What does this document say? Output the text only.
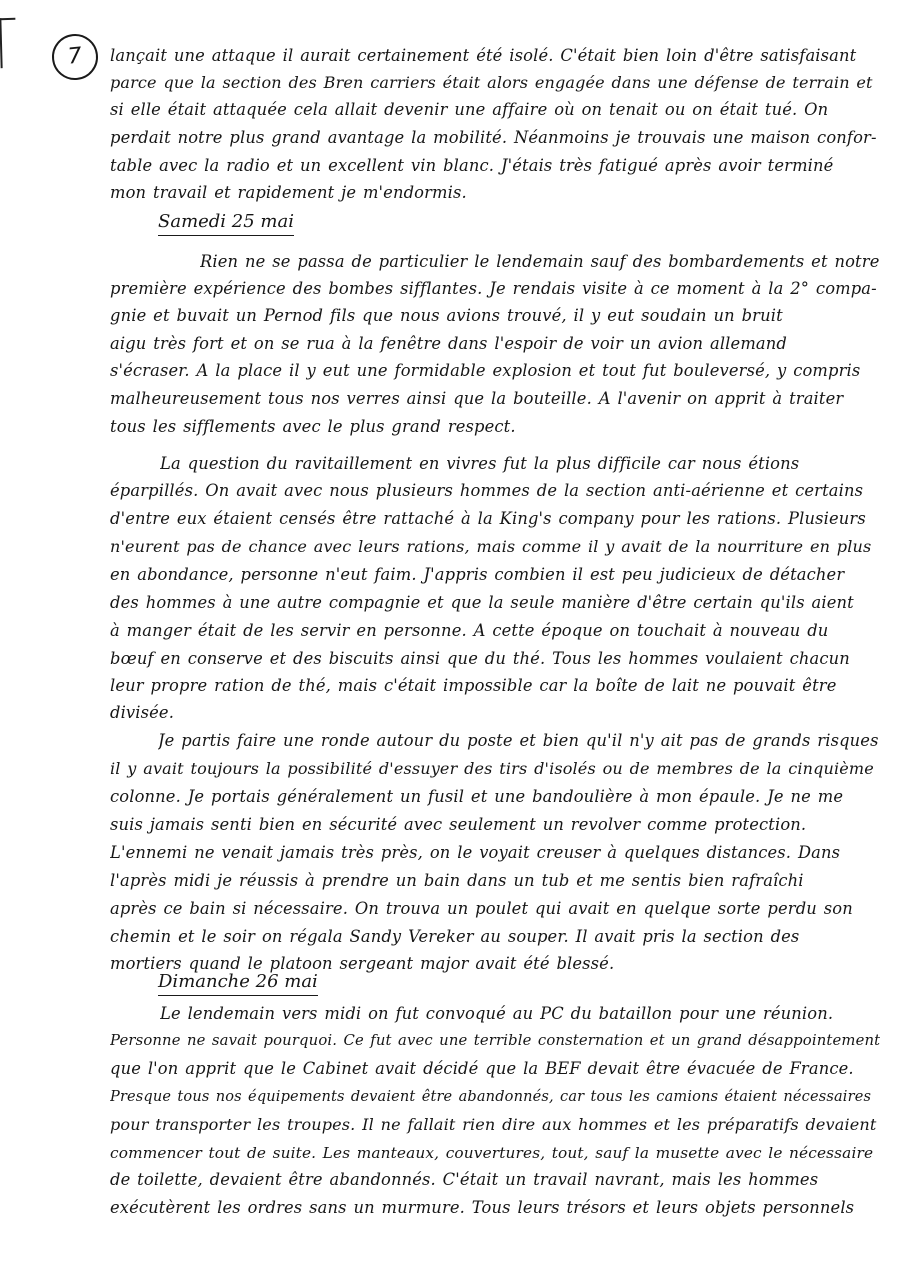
7	lançait une attaque il aurait certainement été isolé. C'était bien loin d'être satisfaisant
parce que la section des Bren carriers était alors engagée dans une défense de terrain et
si elle était attaquée cela allait devenir une affaire où on tenait ou on était tué. On
perdait notre plus grand avantage la mobilité. Néanmoins je trouvais une maison confor-
table avec la radio et un excellent vin blanc. J'étais très fatigué après avoir terminé
mon travail et rapidement je m'endormis.
Samedi 25 mai
Rien ne se passa de particulier le lendemain sauf des bombardements et notre
première expérience des bombes sifflantes. Je rendais visite à ce moment à la 2° compa-
gnie et buvait un Pernod fils que nous avions trouvé, il y eut soudain un bruit
aigu très fort et on se rua à la fenêtre dans l'espoir de voir un avion allemand
s'écraser. A la place il y eut une formidable explosion et tout fut bouleversé, y compris
malheureusement tous nos verres ainsi que la bouteille. A l'avenir on apprit à traiter
tous les sifflements avec le plus grand respect.
La question du ravitaillement en vivres fut la plus difficile car nous étions
éparpillés. On avait avec nous plusieurs hommes de la section anti-aérienne et certains
d'entre eux étaient censés être rattaché à la King's company pour les rations. Plusieurs
n'eurent pas de chance avec leurs rations, mais comme il y avait de la nourriture en plus
en abondance, personne n'eut faim. J'appris combien il est peu judicieux de détacher
des hommes à une autre compagnie et que la seule manière d'être certain qu'ils aient
à manger était de les servir en personne. A cette époque on touchait à nouveau du
bœuf en conserve et des biscuits ainsi que du thé. Tous les hommes voulaient chacun
leur propre ration de thé, mais c'était impossible car la boîte de lait ne pouvait être
divisée.
Je partis faire une ronde autour du poste et bien qu'il n'y ait pas de grands risques
il y avait toujours la possibilité d'essuyer des tirs d'isolés ou de membres de la cinquième
colonne. Je portais généralement un fusil et une bandoulière à mon épaule. Je ne me
suis jamais senti bien en sécurité avec seulement un revolver comme protection.
L'ennemi ne venait jamais très près, on le voyait creuser à quelques distances. Dans
l'après midi je réussis à prendre un bain dans un tub et me sentis bien rafraîchi
après ce bain si nécessaire. On trouva un poulet qui avait en quelque sorte perdu son
chemin et le soir on régala Sandy Vereker au souper. Il avait pris la section des
mortiers quand le platoon sergeant major avait été blessé.
Dimanche 26 mai
Le lendemain vers midi on fut convoqué au PC du bataillon pour une réunion.
Personne ne savait pourquoi. Ce fut avec une terrible consternation et un grand désappointement
que l'on apprit que le Cabinet avait décidé que la BEF devait être évacuée de France.
Presque tous nos équipements devaient être abandonnés, car tous les camions étaient nécessaires
pour transporter les troupes. Il ne fallait rien dire aux hommes et les préparatifs devaient
commencer tout de suite. Les manteaux, couvertures, tout, sauf la musette avec le nécessaire
de toilette, devaient être abandonnés. C'était un travail navrant, mais les hommes
exécutèrent les ordres sans un murmure. Tous leurs trésors et leurs objets personnels
